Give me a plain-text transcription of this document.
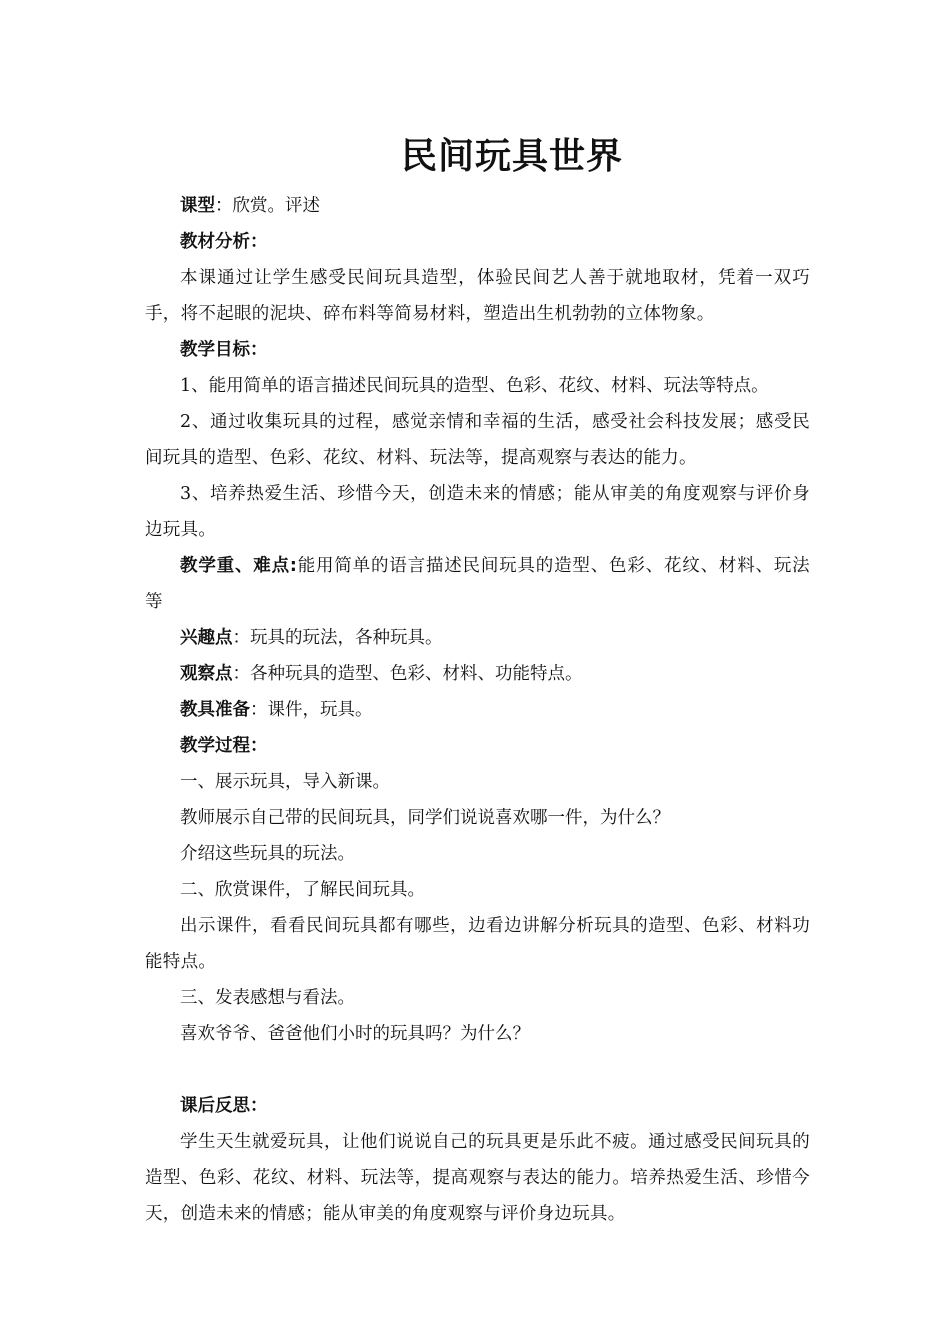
民间玩具世界

课型：欣赏。评述

教材分析：

本课通过让学生感受民间玩具造型，体验民间艺人善于就地取材，凭着一双巧手，将不起眼的泥块、碎布料等简易材料，塑造出生机勃勃的立体物象。

教学目标：

1、能用简单的语言描述民间玩具的造型、色彩、花纹、材料、玩法等特点。

2、通过收集玩具的过程，感觉亲情和幸福的生活，感受社会科技发展；感受民间玩具的造型、色彩、花纹、材料、玩法等，提高观察与表达的能力。

3、培养热爱生活、珍惜今天，创造未来的情感；能从审美的角度观察与评价身边玩具。

教学重、难点:能用简单的语言描述民间玩具的造型、色彩、花纹、材料、玩法等

兴趣点：玩具的玩法，各种玩具。

观察点：各种玩具的造型、色彩、材料、功能特点。

教具准备：课件，玩具。

教学过程：

一、展示玩具，导入新课。

教师展示自己带的民间玩具，同学们说说喜欢哪一件，为什么？

介绍这些玩具的玩法。

二、欣赏课件，了解民间玩具。

出示课件，看看民间玩具都有哪些，边看边讲解分析玩具的造型、色彩、材料功能特点。

三、发表感想与看法。

喜欢爷爷、爸爸他们小时的玩具吗？为什么？

课后反思：

学生天生就爱玩具，让他们说说自己的玩具更是乐此不疲。通过感受民间玩具的造型、色彩、花纹、材料、玩法等，提高观察与表达的能力。培养热爱生活、珍惜今天，创造未来的情感；能从审美的角度观察与评价身边玩具。
